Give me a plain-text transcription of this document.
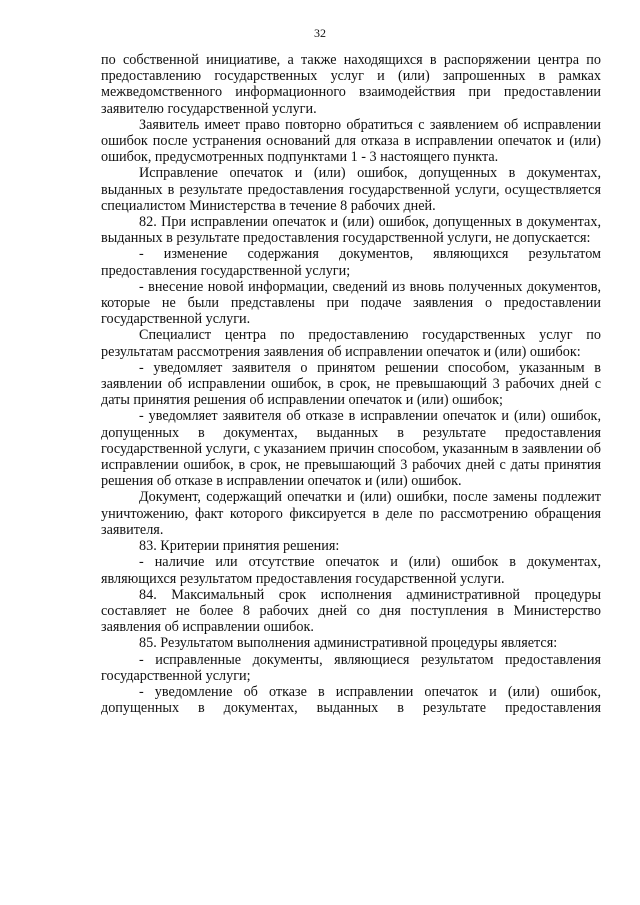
32

по собственной инициативе, а также находящихся в распоряжении центра по предоставлению государственных услуг и (или) запрошенных в рамках межведомственного информационного взаимодействия при предоставлении заявителю государственной услуги.

Заявитель имеет право повторно обратиться с заявлением об исправлении ошибок после устранения оснований для отказа в исправлении опечаток и (или) ошибок, предусмотренных подпунктами 1 - 3 настоящего пункта.

Исправление опечаток и (или) ошибок, допущенных в документах, выданных в результате предоставления государственной услуги, осуществляется специалистом Министерства в течение 8 рабочих дней.

82. При исправлении опечаток и (или) ошибок, допущенных в документах, выданных в результате предоставления государственной услуги, не допускается:

- изменение содержания документов, являющихся результатом предоставления государственной услуги;

- внесение новой информации, сведений из вновь полученных документов, которые не были представлены при подаче заявления о предоставлении государственной услуги.

Специалист центра по предоставлению государственных услуг по результатам рассмотрения заявления об исправлении опечаток и (или) ошибок:

- уведомляет заявителя о принятом решении способом, указанным в заявлении об исправлении ошибок, в срок, не превышающий 3 рабочих дней с даты принятия решения об исправлении опечаток и (или) ошибок;

- уведомляет заявителя об отказе в исправлении опечаток и (или) ошибок, допущенных в документах, выданных в результате предоставления государственной услуги, с указанием причин способом, указанным в заявлении об исправлении ошибок, в срок, не превышающий 3 рабочих дней с даты принятия решения об отказе в исправлении опечаток и (или) ошибок.

Документ, содержащий опечатки и (или) ошибки, после замены подлежит уничтожению, факт которого фиксируется в деле по рассмотрению обращения заявителя.

83. Критерии принятия решения:

- наличие или отсутствие опечаток и (или) ошибок в документах, являющихся результатом предоставления государственной услуги.

84. Максимальный срок исполнения административной процедуры составляет не более 8 рабочих дней со дня поступления в Министерство заявления об исправлении ошибок.

85. Результатом выполнения административной процедуры является:

- исправленные документы, являющиеся результатом предоставления государственной услуги;

- уведомление об отказе в исправлении опечаток и (или) ошибок, допущенных в документах, выданных в результате предоставления
